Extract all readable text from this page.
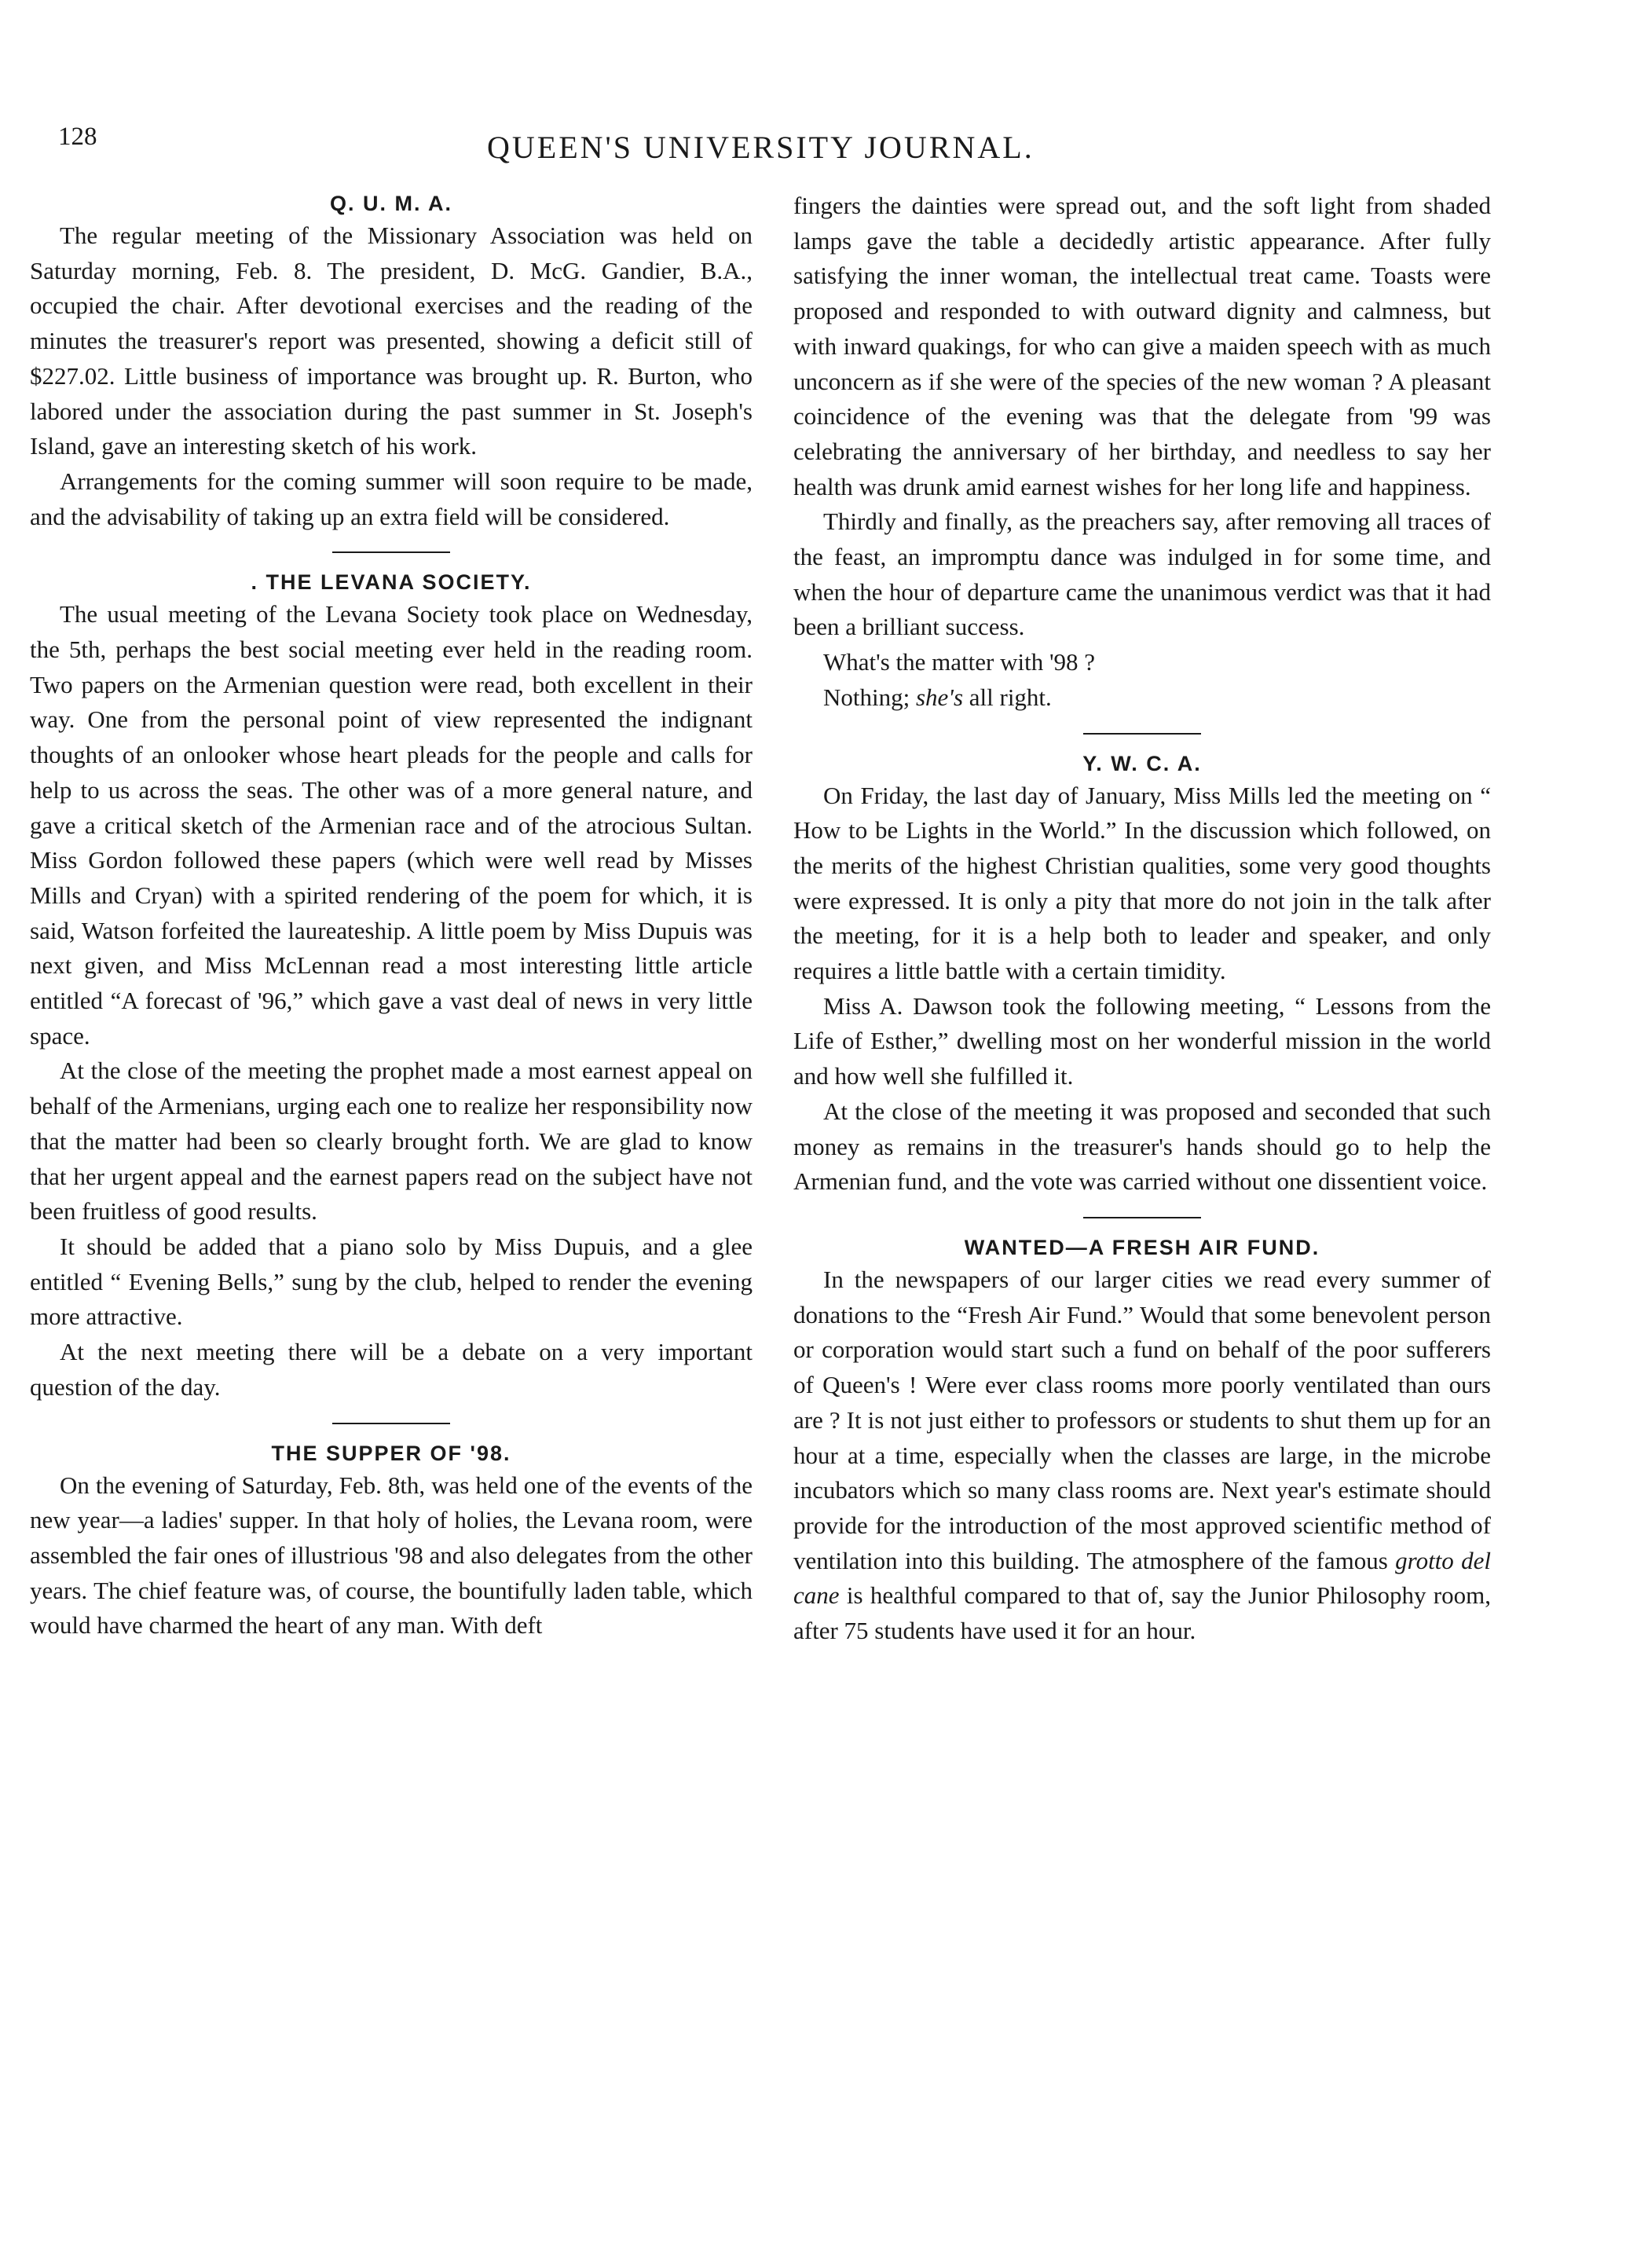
128	QUEEN'S UNIVERSITY JOURNAL.
Q. U. M. A.

The regular meeting of the Missionary Association was held on Saturday morning, Feb. 8. The president, D. McG. Gandier, B.A., occupied the chair. After devotional exercises and the reading of the minutes the treasurer's report was presented, showing a deficit still of $227.02. Little business of importance was brought up. R. Burton, who labored under the association during the past summer in St. Joseph's Island, gave an interesting sketch of his work.

Arrangements for the coming summer will soon require to be made, and the advisability of taking up an extra field will be considered.

. THE LEVANA SOCIETY.

The usual meeting of the Levana Society took place on Wednesday, the 5th, perhaps the best social meeting ever held in the reading room. Two papers on the Armenian question were read, both excellent in their way. One from the personal point of view represented the indignant thoughts of an onlooker whose heart pleads for the people and calls for help to us across the seas. The other was of a more general nature, and gave a critical sketch of the Armenian race and of the atrocious Sultan. Miss Gordon followed these papers (which were well read by Misses Mills and Cryan) with a spirited rendering of the poem for which, it is said, Watson forfeited the laureateship. A little poem by Miss Dupuis was next given, and Miss McLennan read a most interesting little article entitled “A forecast of '96,” which gave a vast deal of news in very little space.

At the close of the meeting the prophet made a most earnest appeal on behalf of the Armenians, urging each one to realize her responsibility now that the matter had been so clearly brought forth. We are glad to know that her urgent appeal and the earnest papers read on the subject have not been fruitless of good results.

It should be added that a piano solo by Miss Dupuis, and a glee entitled “ Evening Bells,” sung by the club, helped to render the evening more attractive.

At the next meeting there will be a debate on a very important question of the day.

THE SUPPER OF '98.

On the evening of Saturday, Feb. 8th, was held one of the events of the new year—a ladies' supper. In that holy of holies, the Levana room, were assembled the fair ones of illustrious '98 and also delegates from the other years. The chief feature was, of course, the bountifully laden table, which would have charmed the heart of any man. With deft

fingers the dainties were spread out, and the soft light from shaded lamps gave the table a decidedly artistic appearance. After fully satisfying the inner woman, the intellectual treat came. Toasts were proposed and responded to with outward dignity and calmness, but with inward quakings, for who can give a maiden speech with as much unconcern as if she were of the species of the new woman ? A pleasant coincidence of the evening was that the delegate from '99 was celebrating the anniversary of her birthday, and needless to say her health was drunk amid earnest wishes for her long life and happiness.

Thirdly and finally, as the preachers say, after removing all traces of the feast, an impromptu dance was indulged in for some time, and when the hour of departure came the unanimous verdict was that it had been a brilliant success.

What's the matter with '98 ?

Nothing; she's all right.

Y. W. C. A.

On Friday, the last day of January, Miss Mills led the meeting on “ How to be Lights in the World.” In the discussion which followed, on the merits of the highest Christian qualities, some very good thoughts were expressed. It is only a pity that more do not join in the talk after the meeting, for it is a help both to leader and speaker, and only requires a little battle with a certain timidity.

Miss A. Dawson took the following meeting, “ Lessons from the Life of Esther,” dwelling most on her wonderful mission in the world and how well she fulfilled it.

At the close of the meeting it was proposed and seconded that such money as remains in the treasurer's hands should go to help the Armenian fund, and the vote was carried without one dissentient voice.

WANTED—A FRESH AIR FUND.

In the newspapers of our larger cities we read every summer of donations to the “Fresh Air Fund.” Would that some benevolent person or corporation would start such a fund on behalf of the poor sufferers of Queen's ! Were ever class rooms more poorly ventilated than ours are ? It is not just either to professors or students to shut them up for an hour at a time, especially when the classes are large, in the microbe incubators which so many class rooms are. Next year's estimate should provide for the introduction of the most approved scientific method of ventilation into this building. The atmosphere of the famous grotto del cane is healthful compared to that of, say the Junior Philosophy room, after 75 students have used it for an hour.
